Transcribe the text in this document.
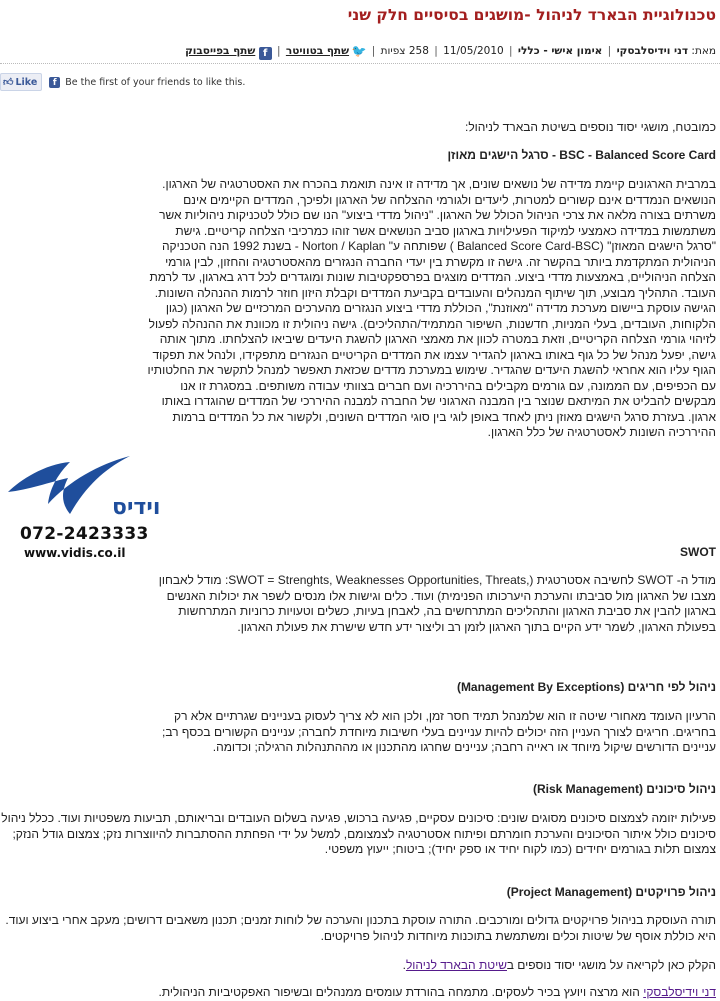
טכנולוגיית הבארד לניהול -מושגים בסיסיים חלק שני
מאת: דני וידיסלבסקי | אימון אישי - כללי | 11/05/2010 | 258 צפיות | 🐦 שתף בטוויטר | f שתף בפייסבוק
👍︎ Like	f Be the first of your friends to like this.
וידיס
072-2423333
www.vidis.co.il

כמובטח, מושגי יסוד נוספים בשיטת הבארד לניהול:

BSC - Balanced Score Card - סרגל הישגים מאוזן

במרבית הארגונים קיימת מדידה של נושאים שונים, אך מדידה זו אינה תואמת בהכרח את האסטרטגיה של הארגון. הנושאים הנמדדים אינם קשורים למטרות, ליעדים ולגורמי ההצלחה של הארגון ולפיכך, המדדים הקיימים אינם משרתים בצורה מלאה את צרכי הניהול הכולל של הארגון. "ניהול מדדי ביצוע" הנו שם כולל לטכניקות ניהוליות אשר משתמשות במדידה כאמצעי למיקוד הפעילויות בארגון סביב הנושאים אשר זוהו כמרכיבי הצלחה קריטיים. גישת "סרגל הישגים המאוזן" (Balanced Score Card-BSC ) שפותחה ע" Norton / Kaplan - בשנת 1992 הנה הטכניקה הניהולית המתקדמת ביותר בהקשר זה. גישה זו מקשרת בין יעדי החברה הנגזרים מהאסטרטגיה והחזון, לבין גורמי הצלחה הניהוליים, באמצעות מדדי ביצוע. המדדים מוצגים בפרספקטיבות שונות ומוגדרים לכל דרג בארגון, עד לרמת העובד. התהליך מבוצע, תוך שיתוף המנהלים והעובדים בקביעת המדדים וקבלת היזון חוזר לרמות ההנהלה השונות. הגישה עוסקת ביישום מערכת מדידה "מאוזנת", הכוללת מדדי ביצוע הנגזרים מהערכים המרכזיים של הארגון (כגון הלקוחות, העובדים, בעלי המניות, חדשנות, השיפור המתמיד/התהליכים). גישה ניהולית זו מכוונת את ההנהלה לפעול לזיהוי גורמי הצלחה הקריטיים, וזאת במטרה לכוון את מאמצי הארגון להשגת היעדים שיביאו להצלחתו. מתוך אותה גישה, יפעל מנהל של כל גוף באותו בארגון להגדיר עצמו את המדדים הקריטיים הנגזרים מתפקידו, ולנהל את תפקוד הגוף עליו הוא אחראי להשגת היעדים שהגדיר. שימוש במערכת מדדים שכזאת תאפשר למנהל לתקשר את החלטותיו עם הכפיפים, עם הממונה, עם גורמים מקבילים בהיררכיה ועם חברים בצוותי עבודה משותפים. במסגרת זו אנו מבקשים להבליט את המיתאם שנוצר בין המבנה הארגוני של החברה למבנה ההיררכי של המדדים שהוגדרו באותו ארגון. בעזרת סרגל הישגים מאוזן ניתן לאחד באופן לוגי בין סוגי המדדים השונים, ולקשור את כל המדדים ברמות ההיררכיה השונות לאסטרטגיה של כלל הארגון.

SWOT

מודל ה- SWOT לחשיבה אסטרטגית (,SWOT = Strenghts, Weaknesses Opportunities, Threats: מודל לאבחון מצבו של הארגון מול סביבתו והערכת היערכותו הפנימית) ועוד. כלים וגישות אלו מנסים לשפר את יכולות האנשים בארגון להבין את סביבת הארגון והתהליכים המתרחשים בה, לאבחן בעיות, כשלים וטעויות כרוניות המתרחשות בפעולת הארגון, לשמר ידע הקיים בתוך הארגון לזמן רב וליצור ידע חדש שישרת את פעולת הארגון.

ניהול לפי חריגים (Management By Exceptions)

הרעיון העומד מאחורי שיטה זו הוא שלמנהל תמיד חסר זמן, ולכן הוא לא צריך לעסוק בעניינים שגרתיים אלא רק בחריגים. חריגים לצורך העניין הזה יכולים להיות עניינים בעלי חשיבות מיוחדת לחברה; עניינים הקשורים בכסף רב; עניינים הדורשים שיקול מיוחד או ראייה רחבה; עניינים שחרגו מהתכנון או מההתנהלות הרגילה; וכדומה.

ניהול סיכונים (Risk Management)

פעילות יזומה לצמצום סיכונים מסוגים שונים: סיכונים עסקיים, פגיעה ברכוש, פגיעה בשלום העובדים ובריאותם, תביעות משפטיות ועוד. ככלל ניהול סיכונים כולל איתור הסיכונים והערכת חומרתם ופיתוח אסטרטגיה לצמצומם, למשל על ידי הפחתת ההסתברות להיווצרות נזק; צמצום גודל הנזק; צמצום תלות בגורמים יחידים (כמו לקוח יחיד או ספק יחיד); ביטוח; ייעוץ משפטי.

ניהול פרויקטים (Project Management)

תורה העוסקת בניהול פרויקטים גדולים ומורכבים. התורה עוסקת בתכנון והערכה של לוחות זמנים; תכנון משאבים דרושים; מעקב אחרי ביצוע ועוד. היא כוללת אוסף של שיטות וכלים ומשתמשת בתוכנות מיוחדות לניהול פרויקטים.

הקלק כאן לקריאה על מושגי יסוד נוספים בשיטת הבארד לניהול.

דני וידיסלבסקי הוא מרצה ויועץ בכיר לעסקים. מתמחה בהורדת עומסים ממנהלים ובשיפור האפקטיביות הניהולית.
